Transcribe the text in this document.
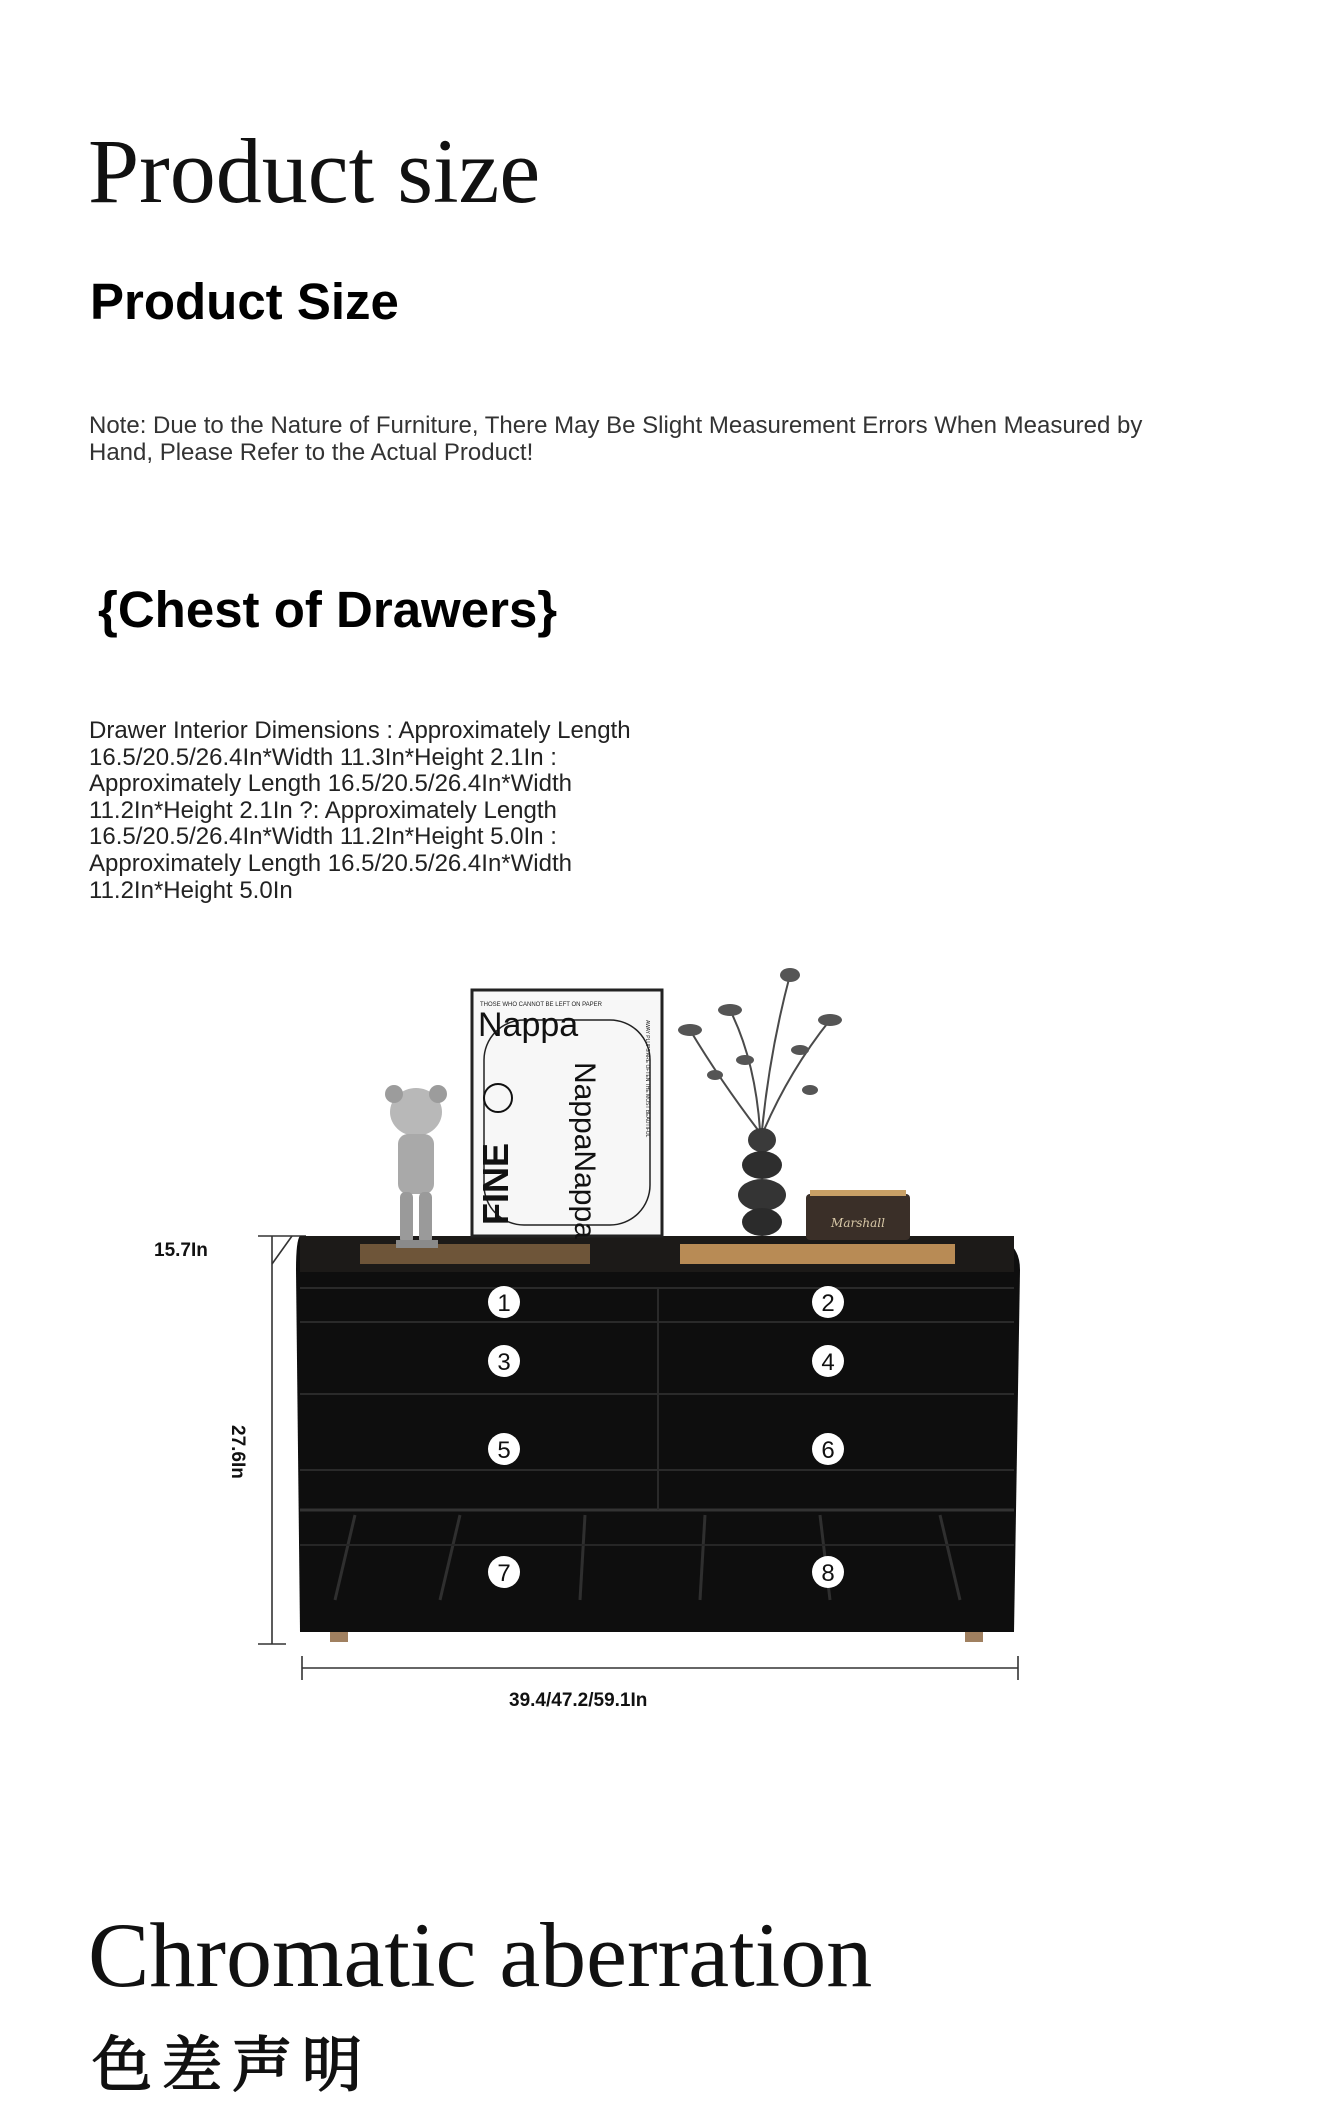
Product size
Product Size
Note: Due to the Nature of Furniture, There May Be Slight Measurement Errors When Measured by Hand, Please Refer to the Actual Product!
{Chest of Drawers}
Drawer Interior Dimensions : Approximately Length 16.5/20.5/26.4In*Width 11.3In*Height 2.1In : Approximately Length 16.5/20.5/26.4In*Width 11.2In*Height 2.1In ?: Approximately Length 16.5/20.5/26.4In*Width 11.2In*Height 5.0In : Approximately Length 16.5/20.5/26.4In*Width 11.2In*Height 5.0In
1	2
3	4
5	6
7	8
THOSE WHO CANNOT BE LEFT ON PAPER
Nappa
NappaNappa
FINE
AWAY PLUPS ARE OFTEN THE MOST BEAUTIFUL
Marshall
15.7In
27.6In
39.4/47.2/59.1In
Chromatic aberration
色差声明
